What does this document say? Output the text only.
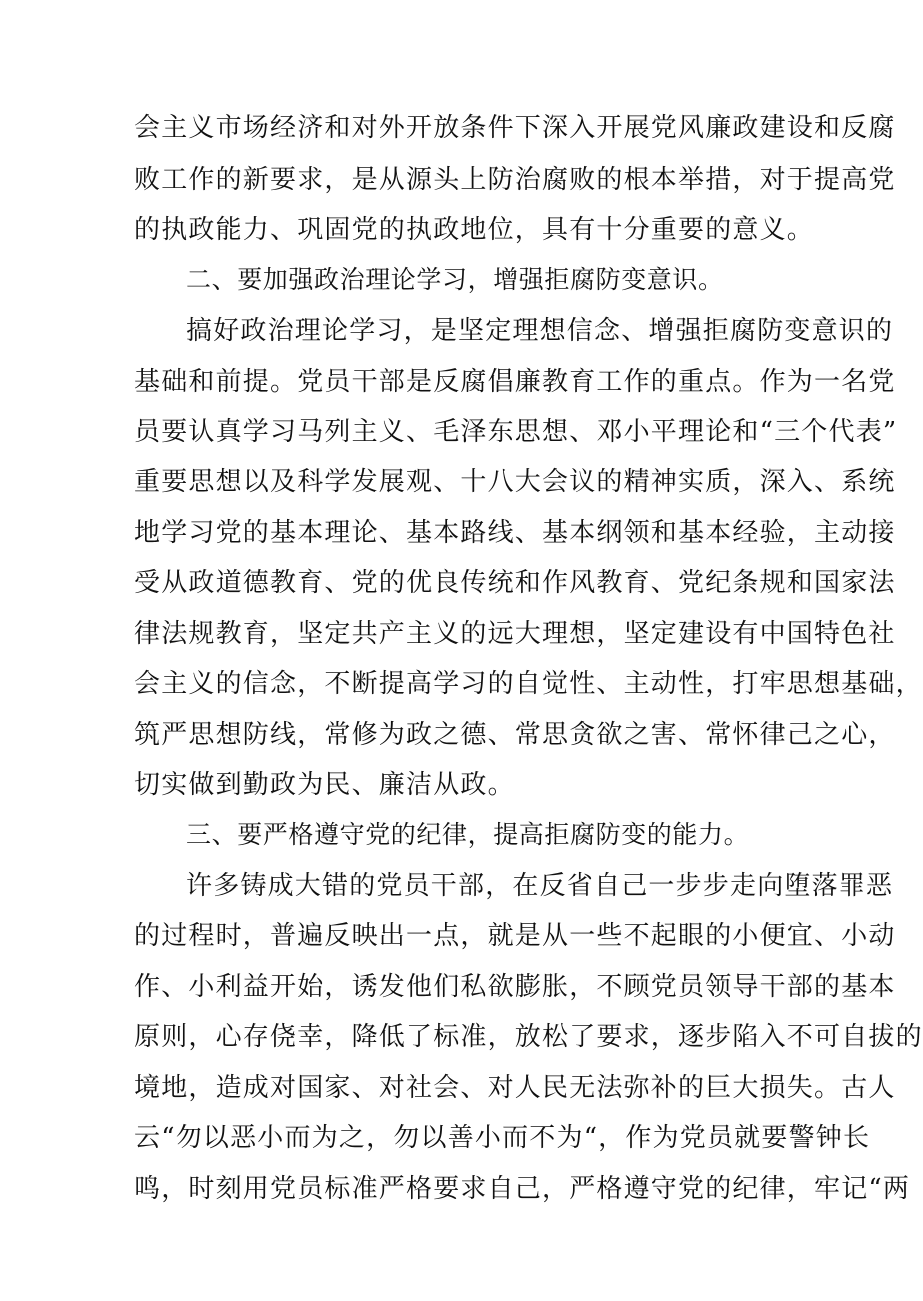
会主义市场经济和对外开放条件下深入开展党风廉政建设和反腐
败工作的新要求，是从源头上防治腐败的根本举措，对于提高党
的执政能力、巩固党的执政地位，具有十分重要的意义。
二、要加强政治理论学习，增强拒腐防变意识。
搞好政治理论学习，是坚定理想信念、增强拒腐防变意识的
基础和前提。党员干部是反腐倡廉教育工作的重点。作为一名党
员要认真学习马列主义、毛泽东思想、邓小平理论和“三个代表”
重要思想以及科学发展观、十八大会议的精神实质，深入、系统
地学习党的基本理论、基本路线、基本纲领和基本经验，主动接
受从政道德教育、党的优良传统和作风教育、党纪条规和国家法
律法规教育，坚定共产主义的远大理想，坚定建设有中国特色社
会主义的信念，不断提高学习的自觉性、主动性，打牢思想基础，
筑严思想防线，常修为政之德、常思贪欲之害、常怀律己之心，
切实做到勤政为民、廉洁从政。
三、要严格遵守党的纪律，提高拒腐防变的能力。
许多铸成大错的党员干部，在反省自己一步步走向堕落罪恶
的过程时，普遍反映出一点，就是从一些不起眼的小便宜、小动
作、小利益开始，诱发他们私欲膨胀，不顾党员领导干部的基本
原则，心存侥幸，降低了标准，放松了要求，逐步陷入不可自拔的
境地，造成对国家、对社会、对人民无法弥补的巨大损失。古人
云“勿以恶小而为之，勿以善小而不为“，作为党员就要警钟长
鸣，时刻用党员标准严格要求自己，严格遵守党的纪律，牢记“两
